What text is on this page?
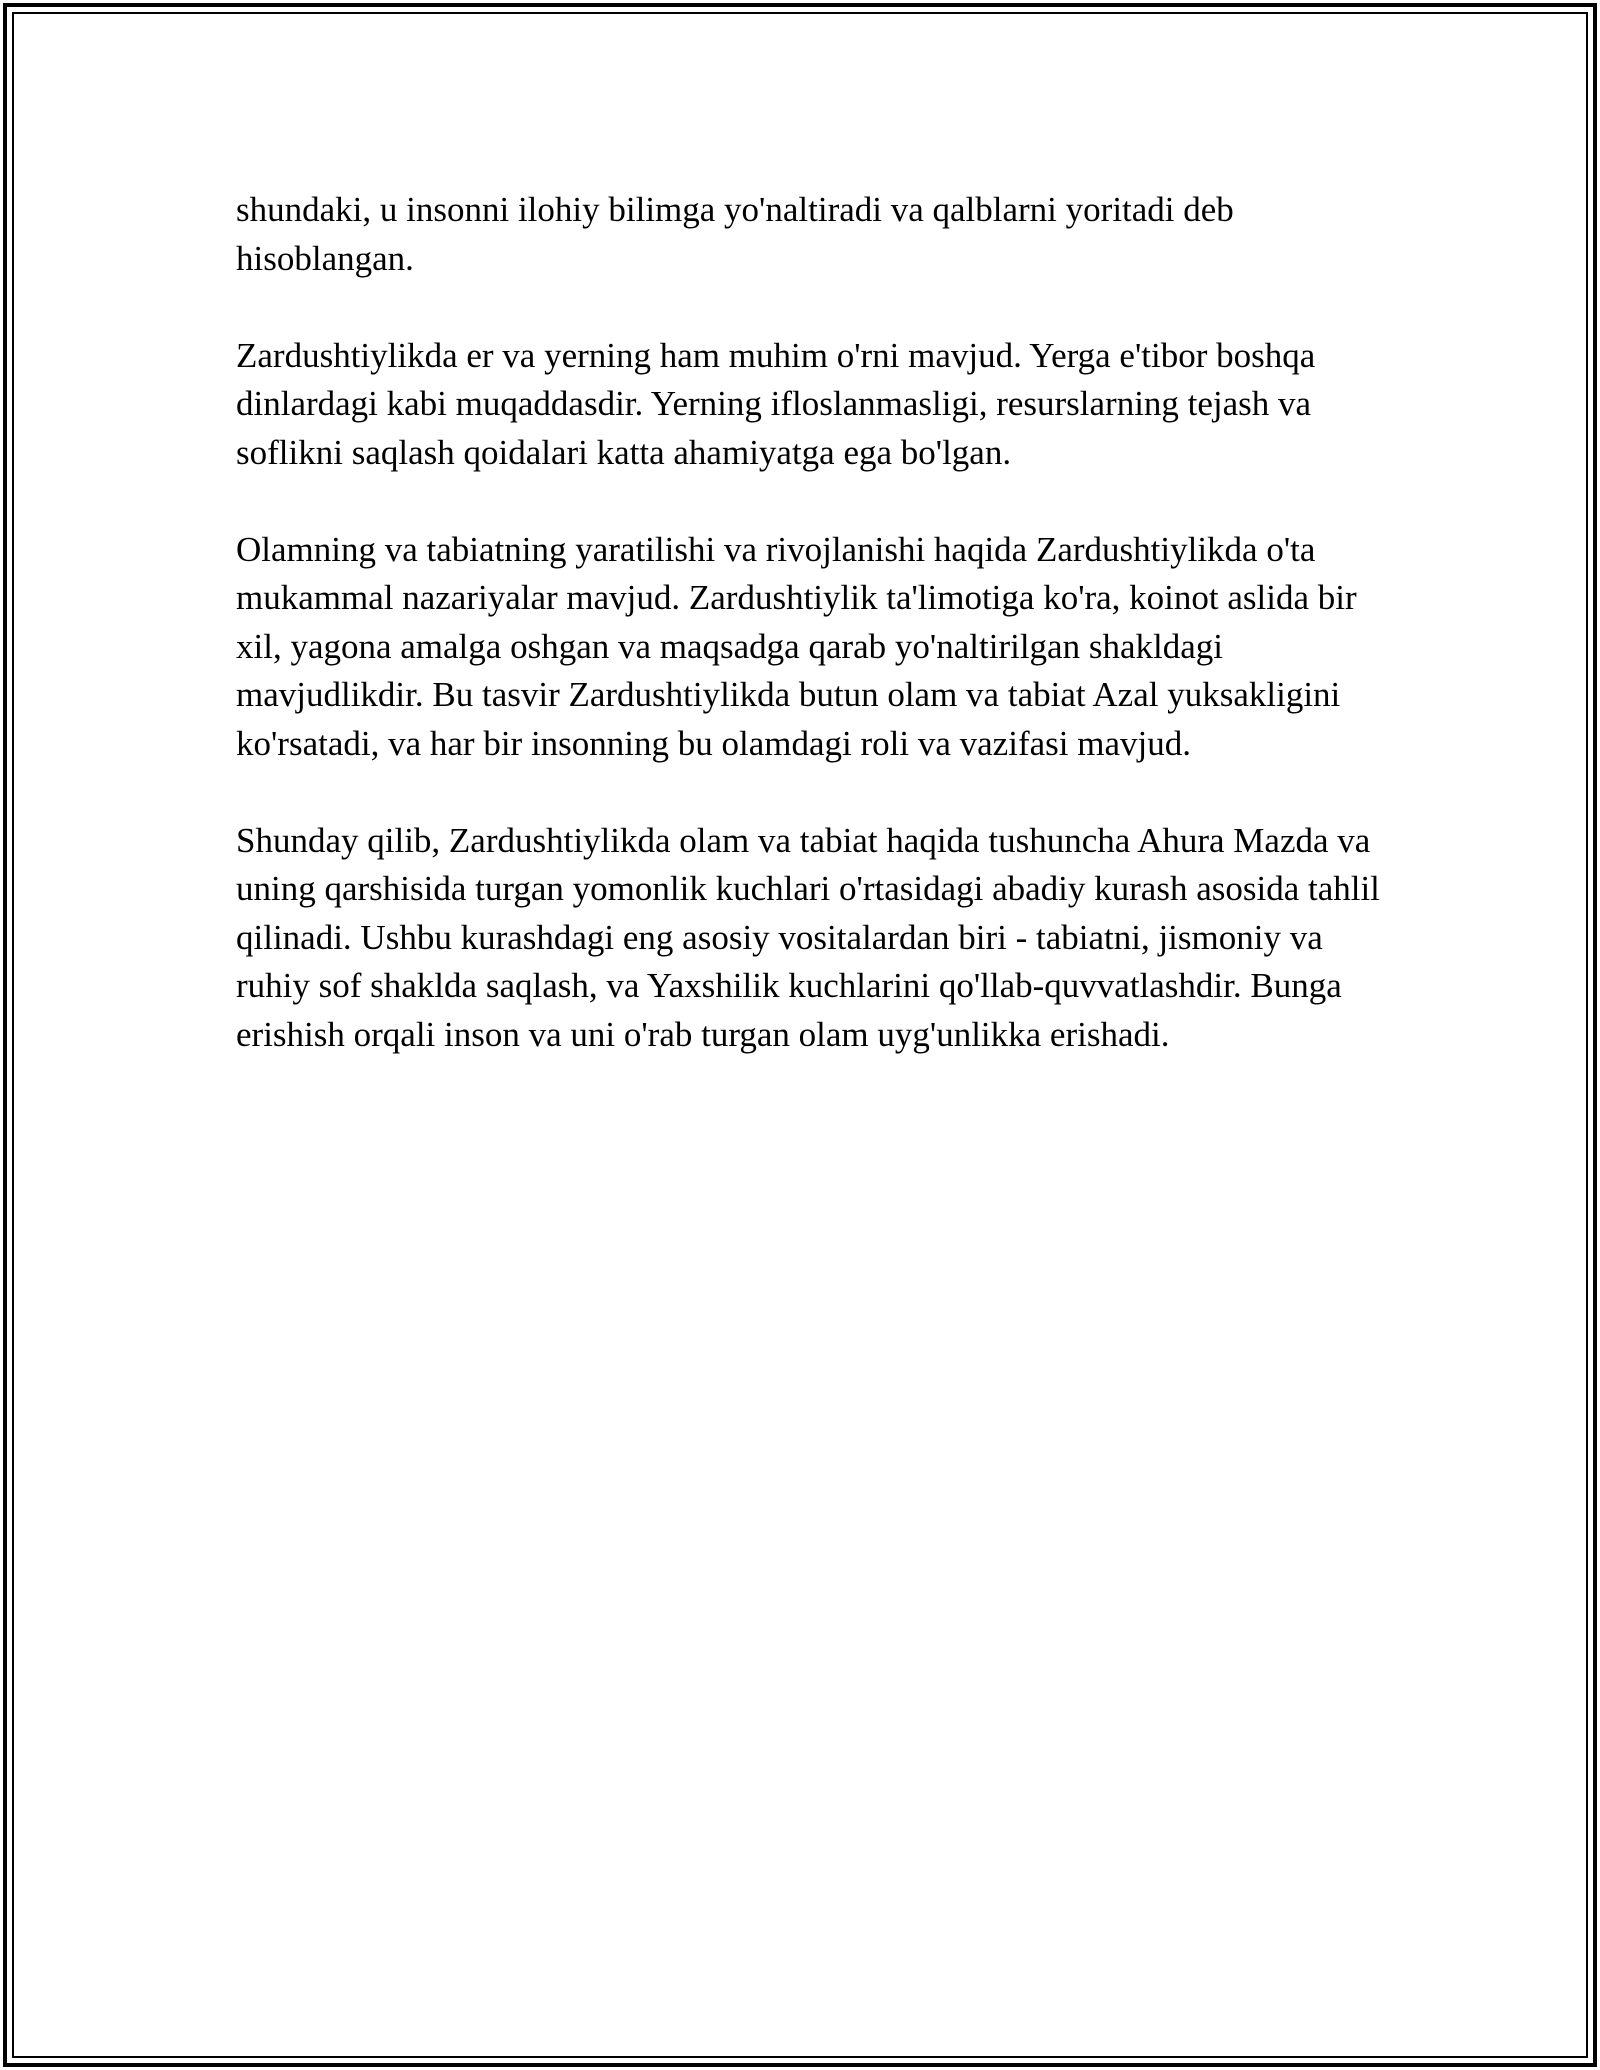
shundaki, u insonni ilohiy bilimga yo'naltiradi va qalblarni yoritadi deb hisoblangan.

Zardushtiylikda er va yerning ham muhim o'rni mavjud. Yerga e'tibor boshqa dinlardagi kabi muqaddasdir. Yerning ifloslanmasligi, resurslarning tejash va soflikni saqlash qoidalari katta ahamiyatga ega bo'lgan.

Olamning va tabiatning yaratilishi va rivojlanishi haqida Zardushtiylikda o'ta mukammal nazariyalar mavjud. Zardushtiylik ta'limotiga ko'ra, koinot aslida bir xil, yagona amalga oshgan va maqsadga qarab yo'naltirilgan shakldagi mavjudlikdir. Bu tasvir Zardushtiylikda butun olam va tabiat Azal yuksakligini ko'rsatadi, va har bir insonning bu olamdagi roli va vazifasi mavjud.

Shunday qilib, Zardushtiylikda olam va tabiat haqida tushuncha Ahura Mazda va uning qarshisida turgan yomonlik kuchlari o'rtasidagi abadiy kurash asosida tahlil qilinadi. Ushbu kurashdagi eng asosiy vositalardan biri - tabiatni, jismoniy va ruhiy sof shaklda saqlash, va Yaxshilik kuchlarini qo'llab-quvvatlashdir. Bunga erishish orqali inson va uni o'rab turgan olam uyg'unlikka erishadi.
